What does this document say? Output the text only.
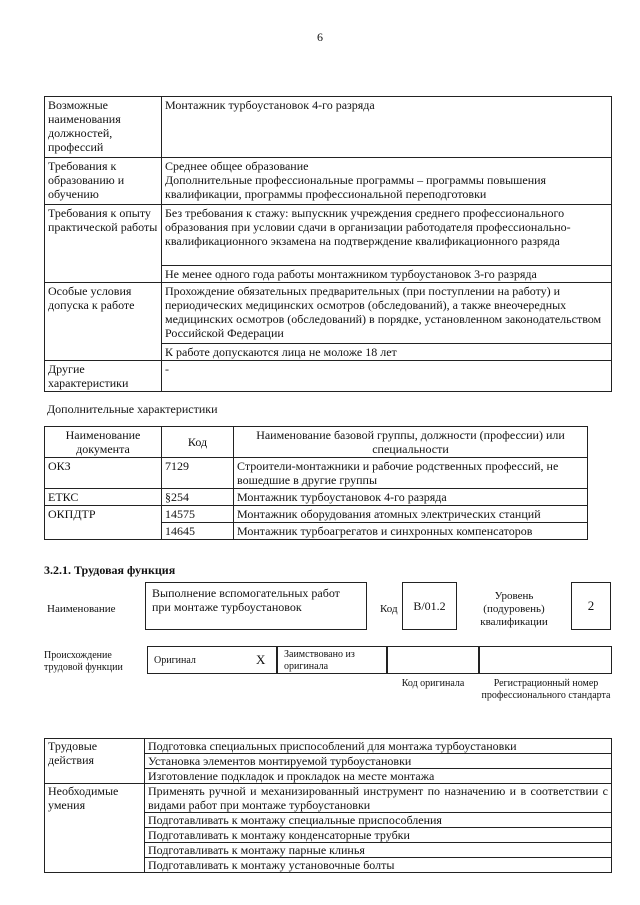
6
Возможные наименования должностей, профессий	Монтажник турбоустановок 4-го разряда
Требования к образованию и обучению	Среднее общее образование
Дополнительные профессиональные программы – программы повышения квалификации, программы профессиональной переподготовки
Требования к опыту практической работы	Без требования к стажу: выпускник учреждения среднего профессионального образования при условии сдачи в организации работодателя профессионально-квалификационного экзамена на подтверждение квалификационного разряда
	Не менее одного года работы монтажником турбоустановок 3-го разряда
Особые условия допуска к работе	Прохождение обязательных предварительных (при поступлении на работу) и периодических медицинских осмотров (обследований), а также внеочередных медицинских осмотров (обследований) в порядке, установленном законодательством Российской Федерации
	К работе допускаются лица не моложе 18 лет
Другие характеристики	-
Дополнительные характеристики
Наименование документа	Код	Наименование базовой группы, должности (профессии) или специальности
ОКЗ	7129	Строители-монтажники и рабочие родственных профессий, не вошедшие в другие группы
ЕТКС	§254	Монтажник турбоустановок 4-го разряда
ОКПДТР	14575	Монтажник оборудования атомных электрических станций
	14645	Монтажник турбоагрегатов и синхронных компенсаторов
3.2.1. Трудовая функция
Наименование
Выполнение вспомогательных работ при монтаже турбоустановок	Код	B/01.2
Уровень (подуровень) квалификации
2
Происхождение трудовой функции
Оригинал	X Заимствовано из оригинала
Код оригинала	Регистрационный номер профессионального стандарта
Трудовые действия	Подготовка специальных приспособлений для монтажа турбоустановки
	Установка элементов монтируемой турбоустановки
	Изготовление подкладок и прокладок на месте монтажа
Необходимые умения	Применять ручной и механизированный инструмент по назначению и в соответствии с видами работ при монтаже турбоустановки
	Подготавливать к монтажу специальные приспособления
	Подготавливать к монтажу конденсаторные трубки
	Подготавливать к монтажу парные клинья
	Подготавливать к монтажу установочные болты
